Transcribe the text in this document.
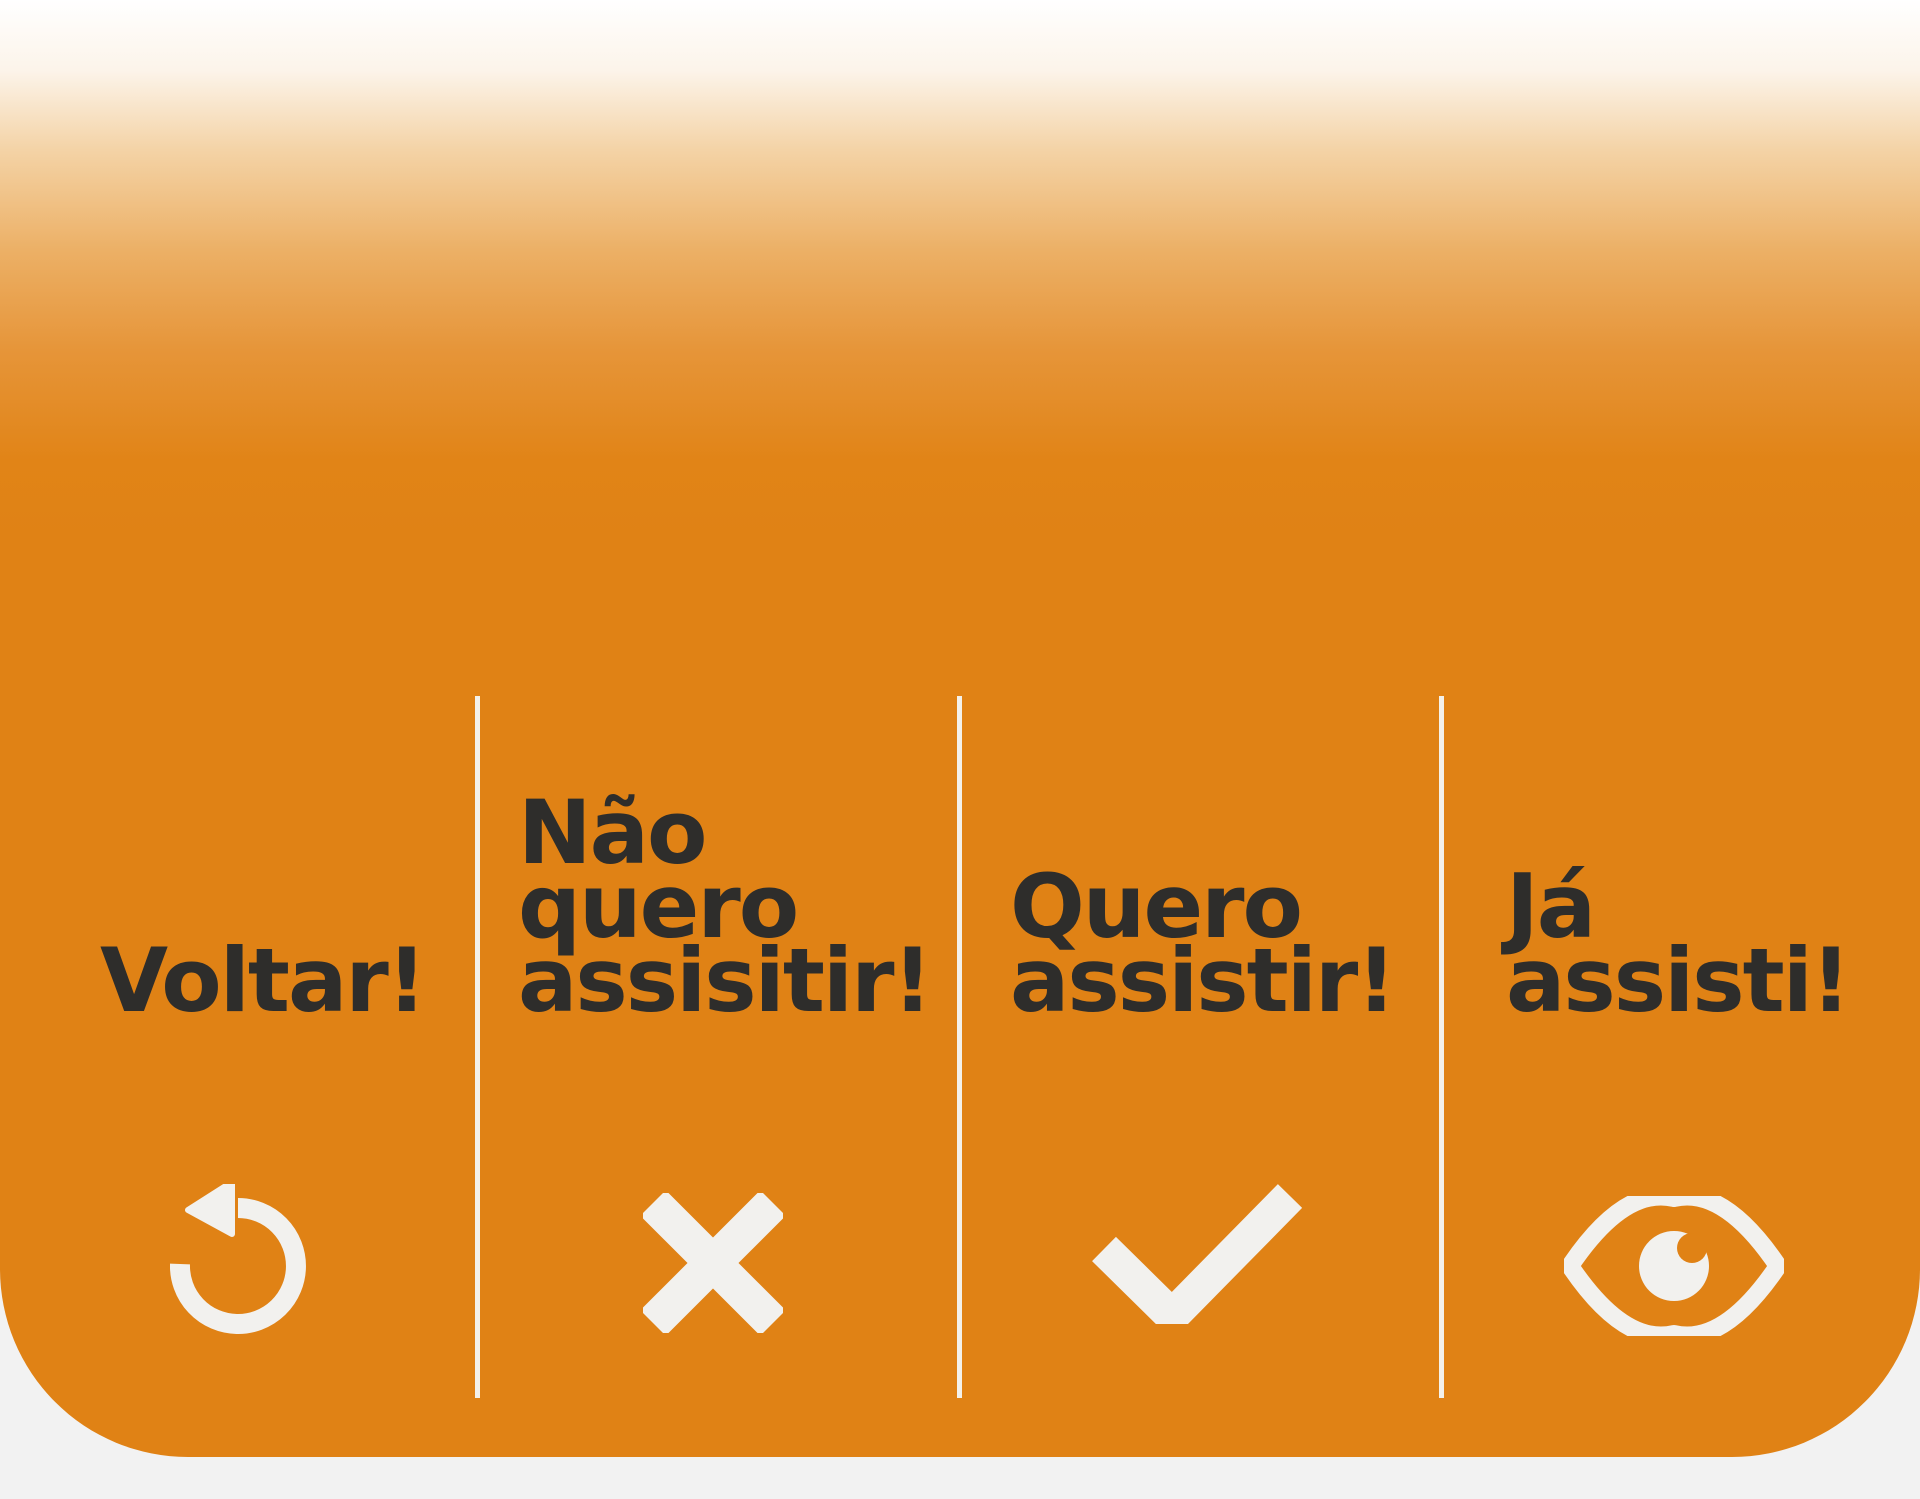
Voltar!
Não
quero
assisitir!
Quero
assistir!
Já
assisti!
